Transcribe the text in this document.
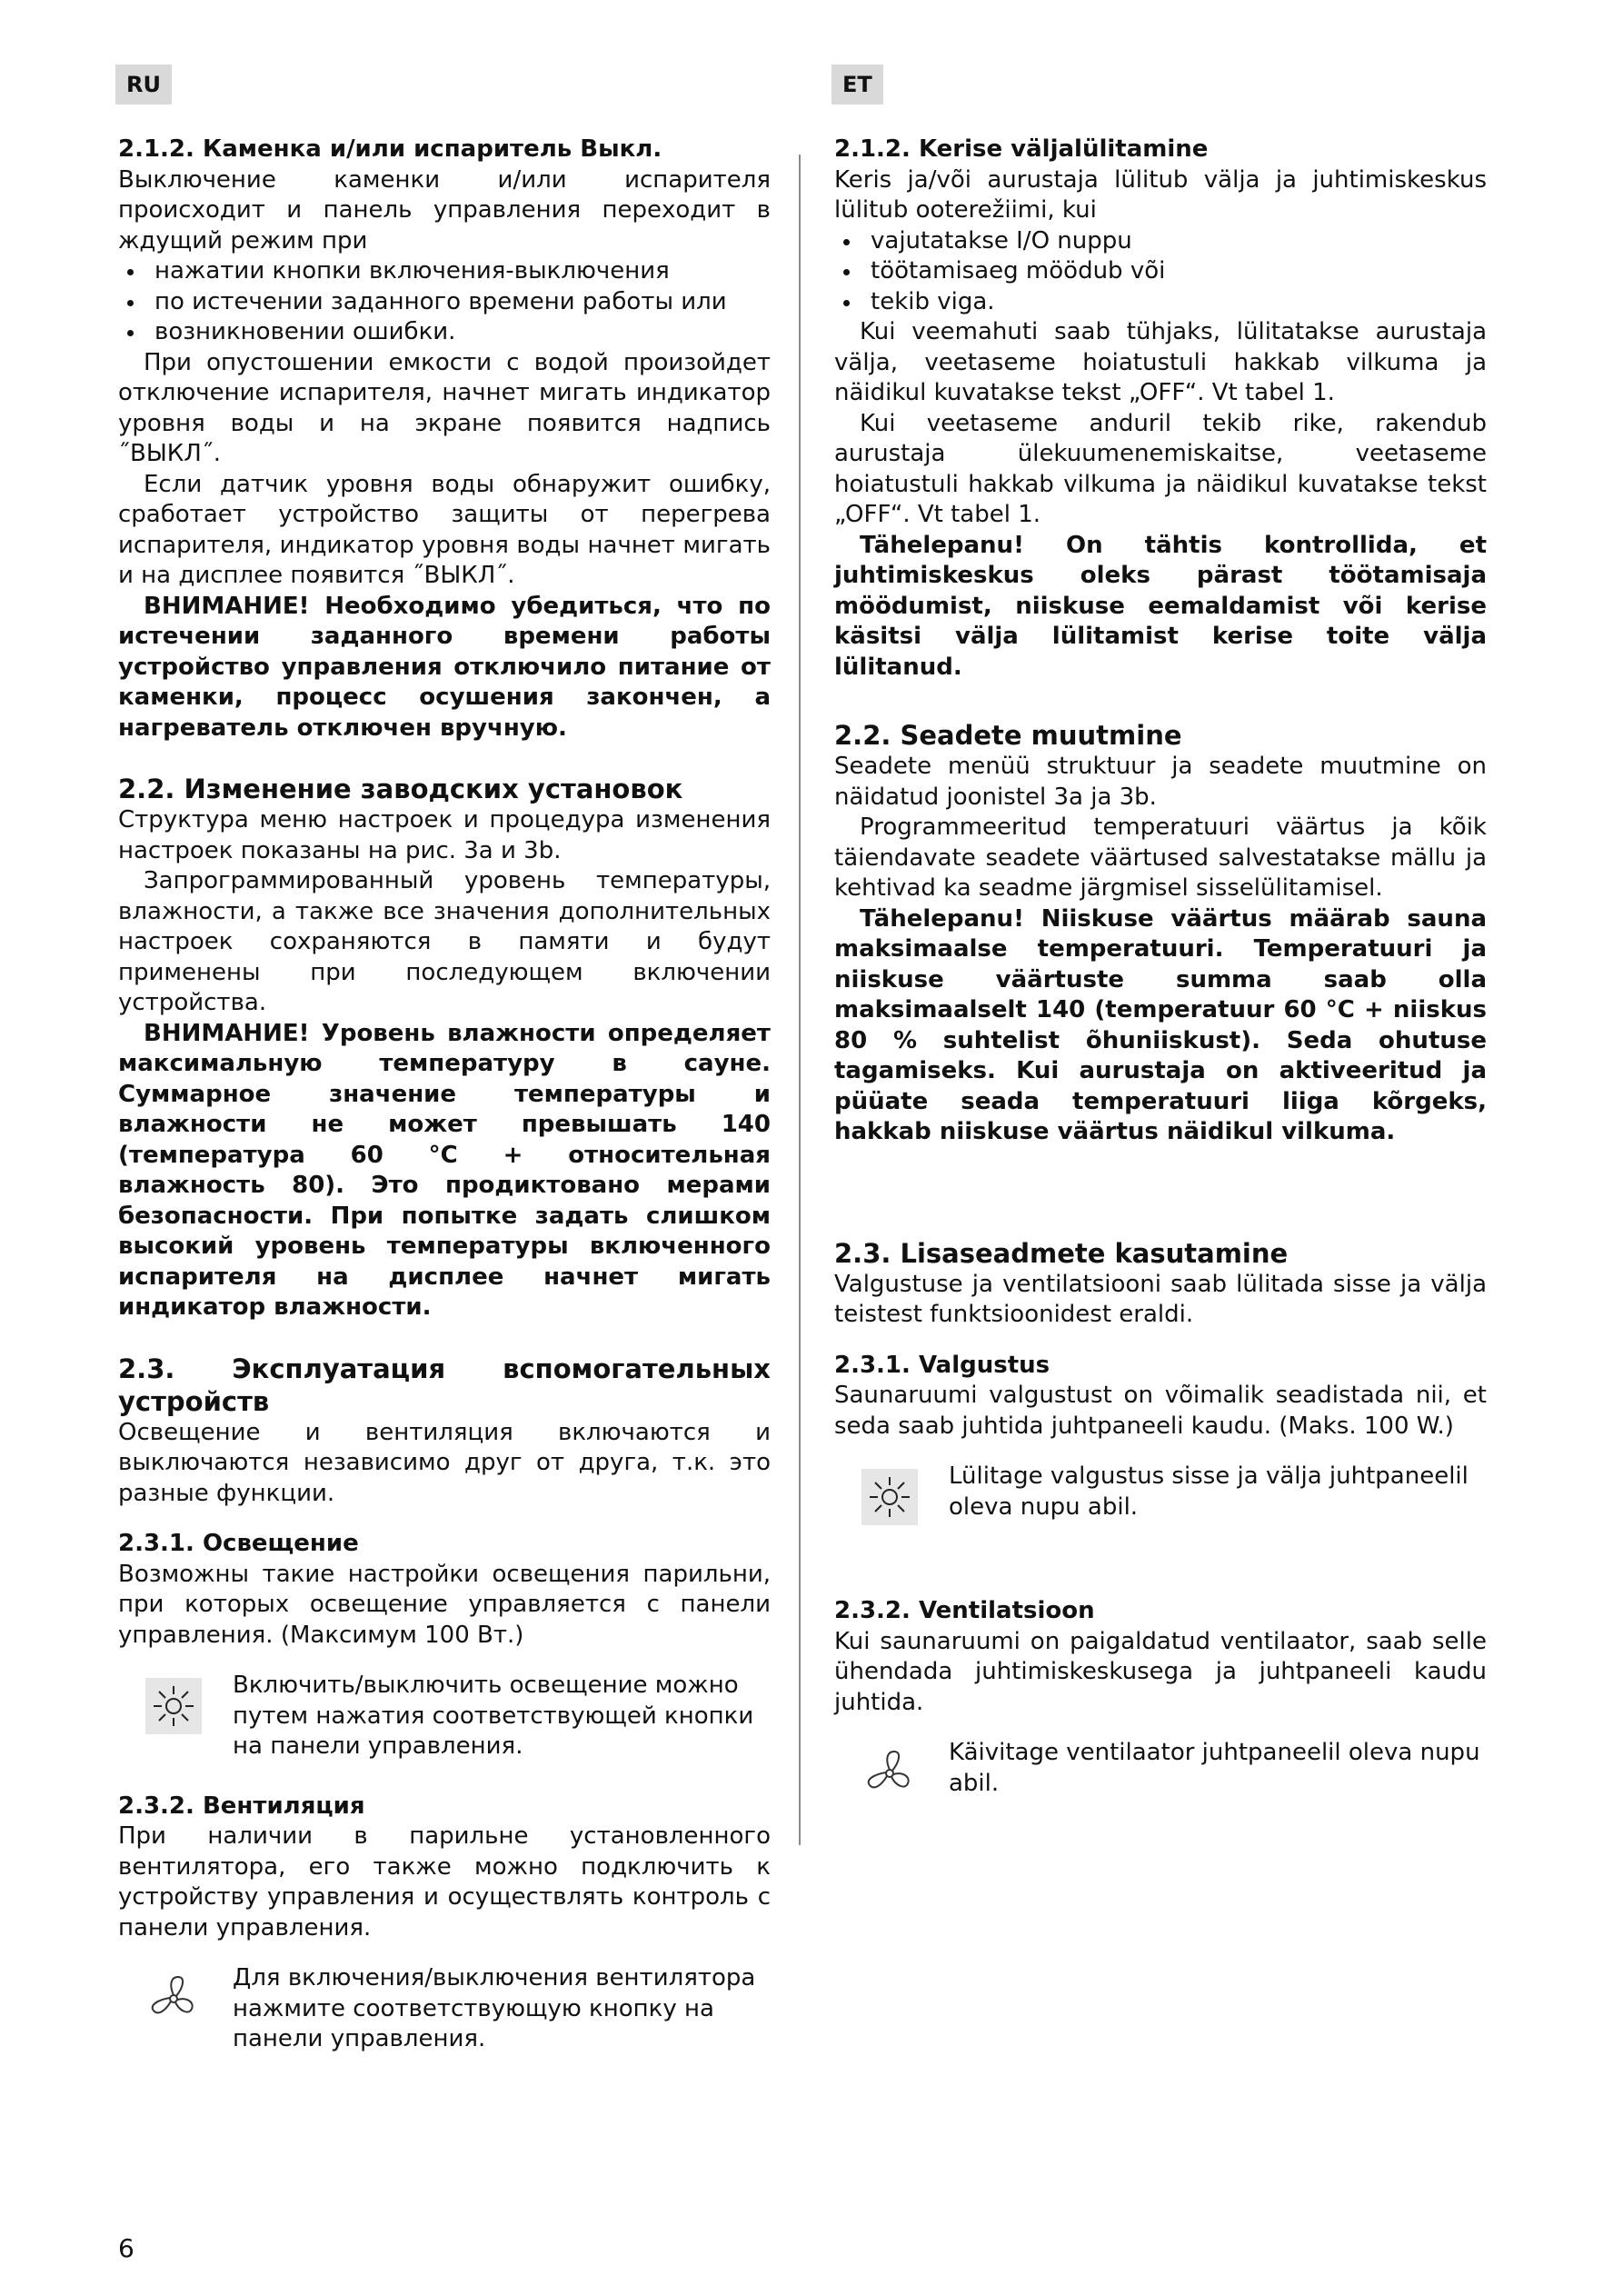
RU	ET

2.1.2. Каменка и/или испаритель Выкл.

Выключение каменки и/или испарителя происходит и панель управления переходит в ждущий режим при

нажатии кнопки включения-выключения
по истечении заданного времени работы или
возникновении ошибки.

При опустошении емкости с водой произойдет отключение испарителя, начнет мигать индикатор уровня воды и на экране появится надпись ˝ВЫКЛ˝.

Если датчик уровня воды обнаружит ошибку, сработает устройство защиты от перегрева испарителя, индикатор уровня воды начнет мигать и на дисплее появится ˝ВЫКЛ˝.

ВНИМАНИЕ! Необходимо убедиться, что по истечении заданного времени работы устройство управления отключило питание от каменки, процесс осушения закончен, а нагреватель отключен вручную.

2.2. Изменение заводских установок

Структура меню настроек и процедура изменения настроек показаны на рис. 3a и 3b.

Запрограммированный уровень температуры, влажности, а также все значения дополнительных настроек сохраняются в памяти и будут применены при последующем включении устройства.

ВНИМАНИЕ! Уровень влажности определяет максимальную температуру в сауне. Суммарное значение температуры и влажности не может превышать 140 (температура 60 °С + относительная влажность 80). Это продиктовано мерами безопасности. При попытке задать слишком высокий уровень температуры включенного испарителя на дисплее начнет мигать индикатор влажности.

2.3. Эксплуатация вспомогательных устройств

Освещение и вентиляция включаются и выключаются независимо друг от друга, т.к. это разные функции.

2.3.1. Освещение

Возможны такие настройки освещения парильни, при которых освещение управляется с панели управления. (Максимум 100 Вт.)

Включить/выключить освещение можно путем нажатия соответствующей кнопки на панели управления.

2.3.2. Вентиляция

При наличии в парильне установленного вентилятора, его также можно подключить к устройству управления и осуществлять контроль с панели управления.

Для включения/выключения вентилятора нажмите соответствующую кнопку на панели управления.

2.1.2. Kerise väljalülitamine

Keris ja/või aurustaja lülitub välja ja juhtimiskeskus lülitub ooterežiimi, kui

vajutatakse I/O nuppu
töötamisaeg möödub või
tekib viga.

Kui veemahuti saab tühjaks, lülitatakse aurustaja välja, veetaseme hoiatustuli hakkab vilkuma ja näidikul kuvatakse tekst „OFF“. Vt tabel 1.

Kui veetaseme anduril tekib rike, rakendub aurustaja ülekuumenemiskaitse, veetaseme hoiatustuli hakkab vilkuma ja näidikul kuvatakse tekst „OFF“. Vt tabel 1.

Tähelepanu! On tähtis kontrollida, et juhtimiskeskus oleks pärast töötamisaja möödumist, niiskuse eemaldamist või kerise käsitsi välja lülitamist kerise toite välja lülitanud.

2.2. Seadete muutmine

Seadete menüü struktuur ja seadete muutmine on näidatud joonistel 3a ja 3b.

Programmeeritud temperatuuri väärtus ja kõik täiendavate seadete väärtused salvestatakse mällu ja kehtivad ka seadme järgmisel sisselülitamisel.

Tähelepanu! Niiskuse väärtus määrab sauna maksimaalse temperatuuri. Temperatuuri ja niiskuse väärtuste summa saab olla maksimaalselt 140 (temperatuur 60 °C + niiskus 80 % suhtelist õhuniiskust). Seda ohutuse tagamiseks. Kui aurustaja on aktiveeritud ja püüate seada temperatuuri liiga kõrgeks, hakkab niiskuse väärtus näidikul vilkuma.

2.3. Lisaseadmete kasutamine

Valgustuse ja ventilatsiooni saab lülitada sisse ja välja teistest funktsioonidest eraldi.

2.3.1. Valgustus

Saunaruumi valgustust on võimalik seadistada nii, et seda saab juhtida juhtpaneeli kaudu. (Maks. 100 W.)

Lülitage valgustus sisse ja välja juhtpaneelil oleva nupu abil.

2.3.2. Ventilatsioon

Kui saunaruumi on paigaldatud ventilaator, saab selle ühendada juhtimiskeskusega ja juhtpaneeli kaudu juhtida.

Käivitage ventilaator juhtpaneelil oleva nupu abil.
6
